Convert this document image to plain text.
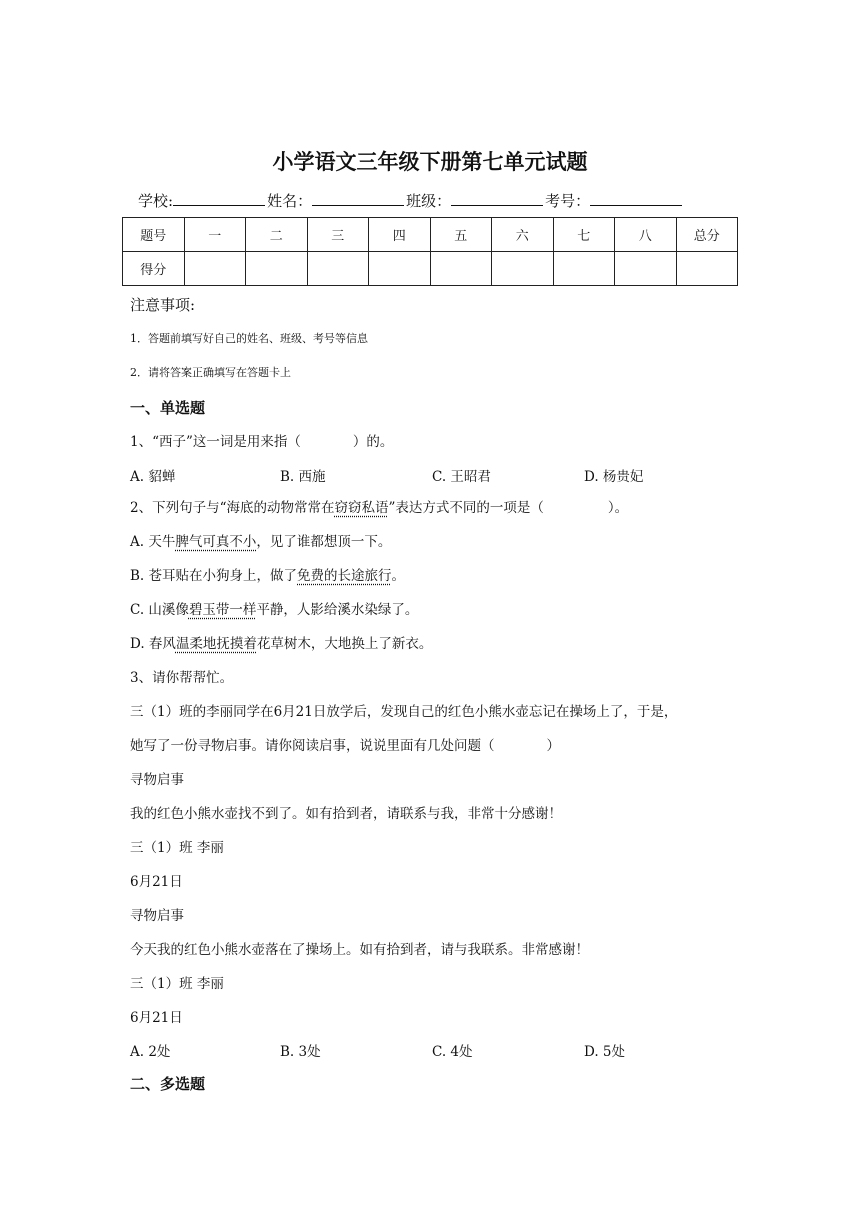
小学语文三年级下册第七单元试题
学校:	姓名：	班级：	考号：
题号	一	二	三	四	五	六	七	八	总分
得分									
注意事项:
1．答题前填写好自己的姓名、班级、考号等信息
2．请将答案正确填写在答题卡上
一、单选题
1、“西子”这一词是用来指（	）的。
A. 貂蝉	B. 西施	C. 王昭君	D. 杨贵妃
2、下列句子与“海底的动物常常在窃窃私语”表达方式不同的一项是（	）。
A. 天牛脾气可真不小，见了谁都想顶一下。
B. 苍耳贴在小狗身上，做了免费的长途旅行。
C. 山溪像碧玉带一样平静，人影给溪水染绿了。
D. 春风温柔地抚摸着花草树木，大地换上了新衣。
3、请你帮帮忙。
三（1）班的李丽同学在6月21日放学后，发现自己的红色小熊水壶忘记在操场上了，于是，
她写了一份寻物启事。请你阅读启事，说说里面有几处问题（	）
寻物启事
我的红色小熊水壶找不到了。如有拾到者，请联系与我，非常十分感谢！
三（1）班 李丽
6月21日
寻物启事
今天我的红色小熊水壶落在了操场上。如有拾到者，请与我联系。非常感谢！
三（1）班 李丽
6月21日
A. 2处	B. 3处	C. 4处	D. 5处
二、多选题
